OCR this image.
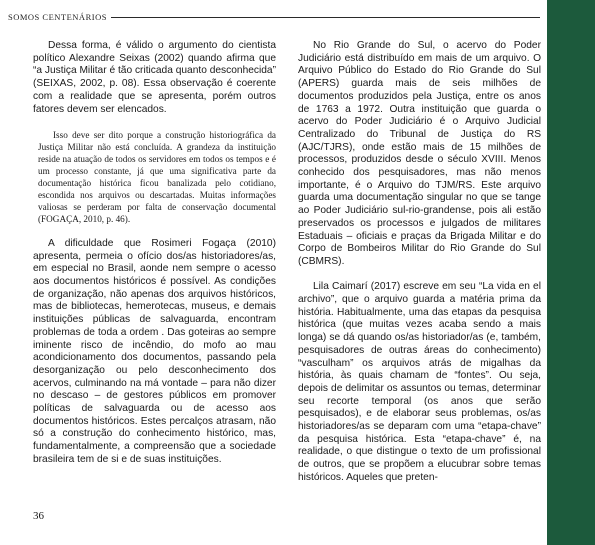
SOMOS CENTENÁRIOS

Dessa forma, é válido o argumento do cientista político Alexandre Seixas (2002) quando afirma que “a Justiça Militar é tão criticada quanto desconhecida” (SEIXAS, 2002, p. 08). Essa observação é coerente com a realidade que se apresenta, porém outros fatores devem ser elencados.

Isso deve ser dito porque a construção historiográfica da Justiça Militar não está concluída. A grandeza da instituição reside na atuação de todos os servidores em todos os tempos e é um processo constante, já que uma significativa parte da documentação histórica ficou banalizada pelo cotidiano, escondida nos arquivos ou descartadas. Muitas informações valiosas se perderam por falta de conservação documental (FOGAÇA, 2010, p. 46).

A dificuldade que Rosimeri Fogaça (2010) apresenta, permeia o ofício dos/as historiadores/as, em especial no Brasil, aonde nem sempre o acesso aos documentos históricos é possível. As condições de organização, não apenas dos arquivos históricos, mas de bibliotecas, hemerotecas, museus, e demais instituições públicas de salvaguarda, encontram problemas de toda a ordem . Das goteiras ao sempre iminente risco de incêndio, do mofo ao mau acondicionamento dos documentos, passando pela desorganização ou pelo desconhecimento dos acervos, culminando na má vontade – para não dizer no descaso – de gestores públicos em promover políticas de salvaguarda ou de acesso aos documentos históricos. Estes percalços atrasam, não só a construção do conhecimento histórico, mas, fundamentalmente, a compreensão que a sociedade brasileira tem de si e de suas instituições.

No Rio Grande do Sul, o acervo do Poder Judiciário está distribuído em mais de um arquivo. O Arquivo Público do Estado do Rio Grande do Sul (APERS) guarda mais de seis milhões de documentos produzidos pela Justiça, entre os anos de 1763 a 1972. Outra instituição que guarda o acervo do Poder Judiciário é o Arquivo Judicial Centralizado do Tribunal de Justiça do RS (AJC/TJRS), onde estão mais de 15 milhões de processos, produzidos desde o século XVIII. Menos conhecido dos pesquisadores, mas não menos importante, é o Arquivo do TJM/RS. Este arquivo guarda uma documentação singular no que se tange ao Poder Judiciário sul-rio-grandense, pois ali estão preservados os processos e julgados de militares Estaduais – oficiais e praças da Brigada Militar e do Corpo de Bombeiros Militar do Rio Grande do Sul (CBMRS).

Lila Caimarí (2017) escreve em seu “La vida en el archivo”, que o arquivo guarda a matéria prima da história. Habitualmente, uma das etapas da pesquisa histórica (que muitas vezes acaba sendo a mais longa) se dá quando os/as historiador/as (e, também, pesquisadores de outras áreas do conhecimento) “vasculham” os arquivos atrás de migalhas da história, às quais chamam de “fontes”. Ou seja, depois de delimitar os assuntos ou temas, determinar seu recorte temporal (os anos que serão pesquisados), e de elaborar seus problemas, os/as historiadores/as se deparam com uma “etapa-chave” da pesquisa histórica. Esta “etapa-chave” é, na realidade, o que distingue o texto de um profissional de outros, que se propõem a elucubrar sobre temas históricos. Aqueles que preten-

36
